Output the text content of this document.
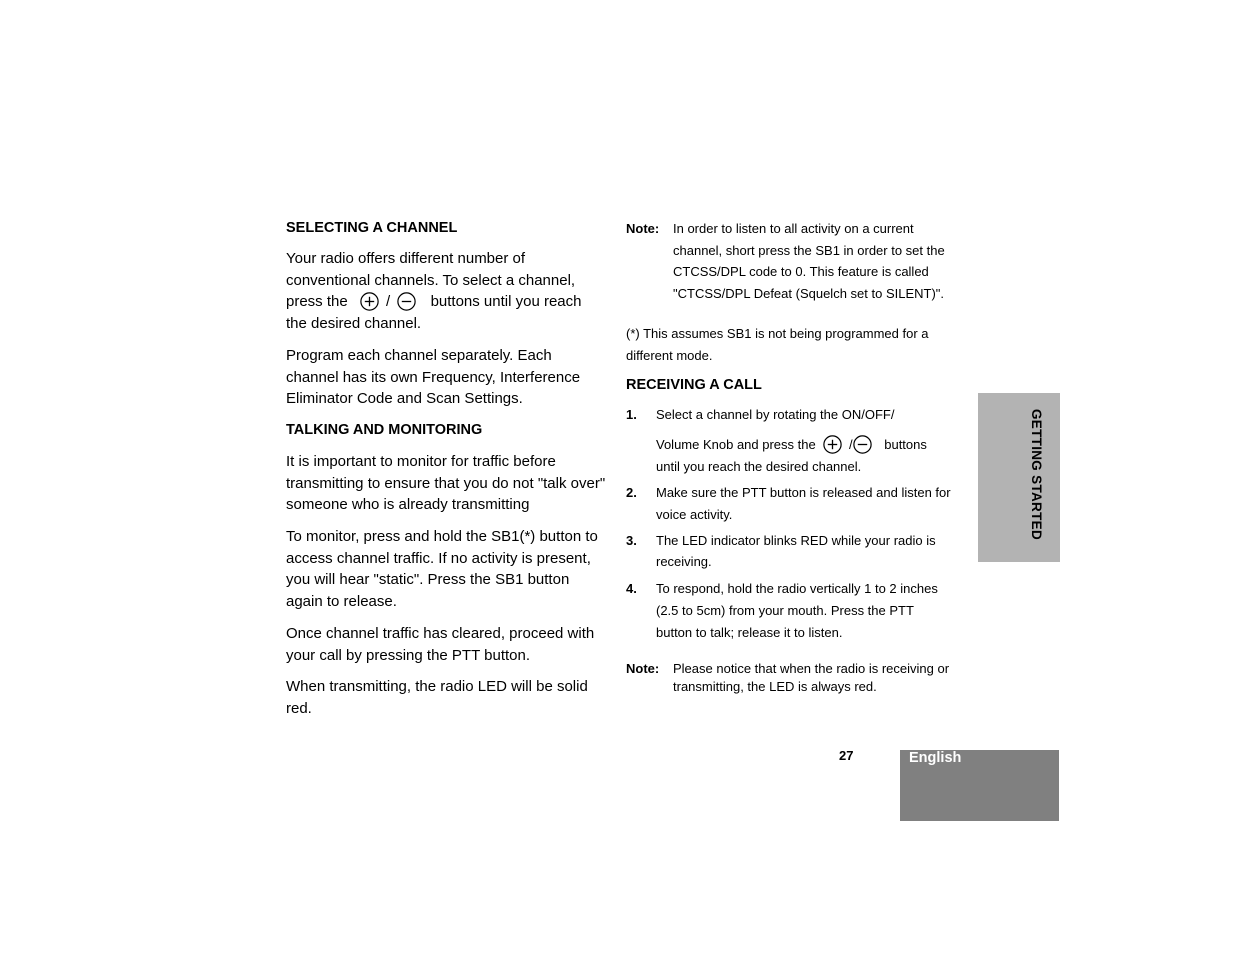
SELECTING A CHANNEL

Your radio offers different number of
conventional channels. To select a channel,
press the	/	buttons until you reach
the desired channel.

Program each channel separately. Each channel has its own Frequency, Interference Eliminator Code and Scan Settings.

TALKING AND MONITORING

It is important to monitor for traffic before transmitting to ensure that you do not "talk over" someone who is already transmitting

To monitor, press and hold the SB1(*) button to access channel traffic. If no activity is present, you will hear "static". Press the SB1 button again to release.

Once channel traffic has cleared, proceed with your call by pressing the PTT button.

When transmitting, the radio LED will be solid red.

Note:	In order to listen to all activity on a current channel, short press the SB1 in order to set the CTCSS/DPL code to 0. This feature is called "CTCSS/DPL Defeat (Squelch set to SILENT)".

(*) This assumes SB1 is not being programmed for a different mode.

RECEIVING A CALL
1. Select a channel by rotating the ON/OFF/
Volume Knob and press the	/ buttons
until you reach the desired channel.
2. Make sure the PTT button is released and listen for voice activity.
3. The LED indicator blinks RED while your radio is receiving.
4. To respond, hold the radio vertically 1 to 2 inches (2.5 to 5cm) from your mouth. Press the PTT button to talk; release it to listen.
Note:	Please notice that when the radio is receiving or transmitting, the LED is always red.
GETTING STARTED
27	English
